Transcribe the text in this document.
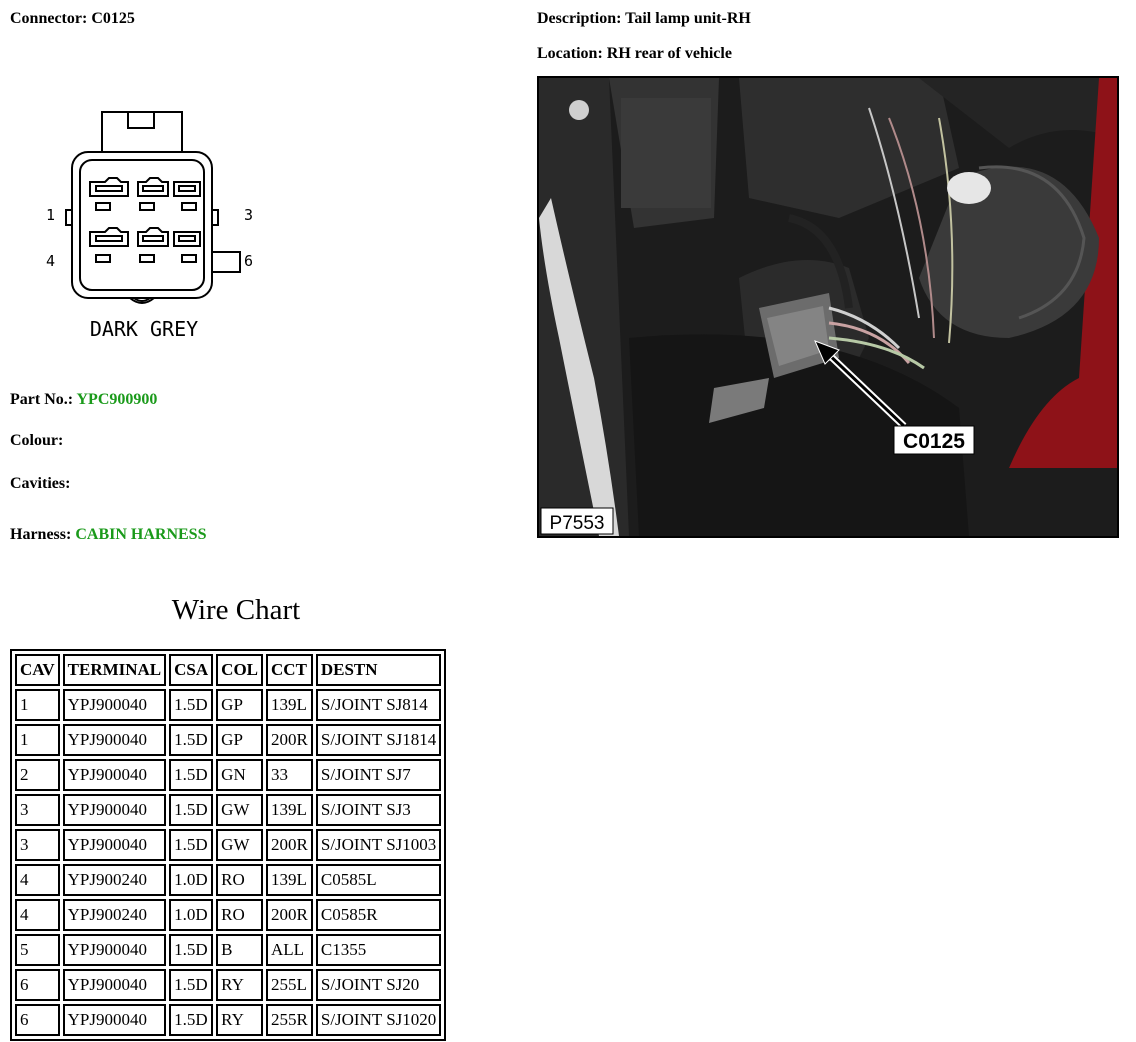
Connector: C0125	Description: Tail lamp unit-RH
Location: RH rear of vehicle
1	3
4	6
DARK GREY
Part No.: YPC900900
Colour:
Cavities:
Harness: CABIN HARNESS
C0125
P7553
Wire Chart
CAV	TERMINAL	CSA	COL	CCT	DESTN
1	YPJ900040	1.5D	GP	139L	S/JOINT SJ814
1	YPJ900040	1.5D	GP	200R	S/JOINT SJ1814
2	YPJ900040	1.5D	GN	33	S/JOINT SJ7
3	YPJ900040	1.5D	GW	139L	S/JOINT SJ3
3	YPJ900040	1.5D	GW	200R	S/JOINT SJ1003
4	YPJ900240	1.0D	RO	139L	C0585L
4	YPJ900240	1.0D	RO	200R	C0585R
5	YPJ900040	1.5D	B	ALL	C1355
6	YPJ900040	1.5D	RY	255L	S/JOINT SJ20
6	YPJ900040	1.5D	RY	255R	S/JOINT SJ1020
